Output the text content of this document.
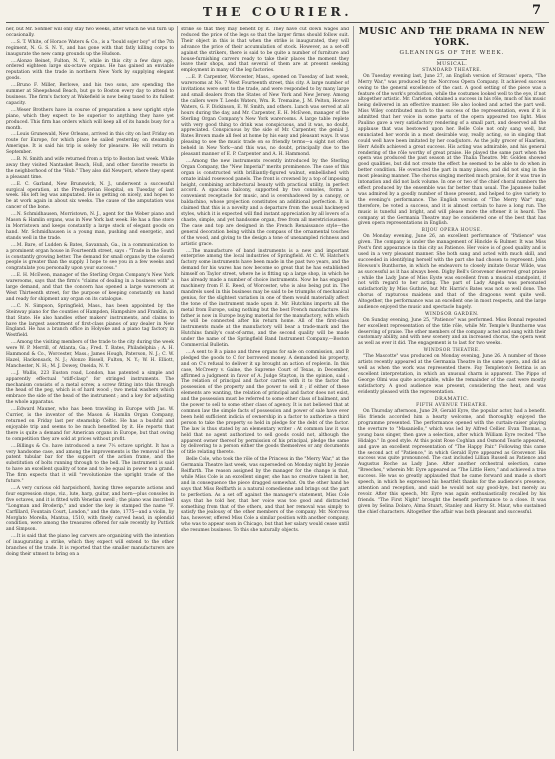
THE COURIER.	7

ner, but Mr. Sohmer will only stay two weeks, after which he will turn up occasionally.

....S. T. White, of Horace Waters & Co., is a "bould sojer boy" of the 7th regiment, N. G. S. N. Y., and has gone with that fatly killing corps to inaugurate the new camp grounds up the Hudson.

....Alonzo Beinet, Fulton, N. Y., while in this city a few days ago, ordered eighteen large six-octave organs. He has gained an enviable reputation with the trade in northern New York by supplying elegant goods.

....Bruno F. Miller, Berlowe, and his two sons, are spending the summer at Sheepshead Beach, but go to Boston every day to attend to business. The firm's factory at Wakefield is now being taxed to its fullest capacity.

....Weser Brothers have in course of preparation a new upright style piano, which they expect to be superior to anything they have yet produced. This firm has orders which will keep all of its hands busy for a month.

....Louis Grunewald, New Orleans, arrived in this city on last Friday en route for Europe, for which place he sailed yesterday, on steamship Amerique. It is said his trip is solely for pleasure. He will return in September.

....B. N. Smith and wife returned from a trip to Boston last week. While away they visited Nantasket Beach, Hull, and other favorite resorts in the neighborhood of the "Hub." They also did Newport, where they spent a pleasant time.

....E. C. Garland, New Brunswick, N. J., underwent a successful surgical operation, at the Presbyterian Hospital, on Tuesday of last week. His left leg was amputated. He is getting on nicely, and hopes to be at work again in about six weeks. The cause of the amputation was cancer of the bone.

....N. Schmidhausen, Morristown, N. J., agent for the Weber piano and Mason & Hamlin organs, was in New York last week. He has a fine store in Morristown and keeps constantly a large stock of elegant goods on hand. Mr. Schmidhausen is a young man, pushing and energetic, and stands well in the trade.

....M. Bare, of Ludden & Bates, Savannah, Ga., in a communication to a prominent organ house in Fourteenth street, says : "Trade in the South is constantly growing better. The demand for small organs by the colored people is greater than the supply. I hope to see you in a few weeks and congratulate you personally upon your success."

....E. H. McEwen, manager of the Sterling Organ Company's New York warerooms, says that the firm's "claims of dealing in a business with" a large demand, and that the concern has opened a large wareroom at West Thirteenth street, for the purpose of keeping constantly on hand and ready for shipment any organ on its catalogue.

....C. N. Simpson, Springfield, Mass., has been appointed by the Steinway piano for the counties of Hampden, Hampshire and Franklin, in that State. He also handles other makers' instruments, and claims to have the largest assortment of first-class pianos of any dealer in New England. He has a branch office in Holyoke and a piano tag factory in Westfield.

....Among the visiting members of the trade to the city during the week were W. P. Merrill, of Atlanta, Ga.; Fred. T. Bates, Philadelphia ; A. H. Hammond & Co., Worcester, Mass.; James Hough, Paterson, N. J.; C. W. Hazel, Hackensack, N. J.; Alonzo Bissell, Fulton, N. Y.; W. H. Elliott, Manchester, N. H.; M. J. Dowey, Oneida, N. Y.

....J. Wallis, 223 Euston road, London, has patented a simple and apparently effectual "stiff-clasp" for stringed instruments. The mechanism consists of a metal screw, a screw fitting into this through the head of the peg, which is of hard wood ; two metal washers which embrace the side of the head of the instrument ; and a key for adjusting the whole apparatus.

....Edward Mauner, who has been traveling in Europe with Jas. W. Currier, is the inventor of the Mason & Hamlin Organ Company, returned on Friday last per steamship Celtic. He has a bushful and enjoyable trip and seems to be much benefited by it. He reports that there is quite a demand for American organs in Europe, but that owing to competition they are sold at prices without profit.

....Billings & Co. have introduced a new 7⅓ octave upright. It has a very handsome case, and among the improvements is the removal of the patent tubular bar for the support of the action frame, and the substitution of bolts running through to the bell. The instrument is said to have an excellent quality of tone and to be equal in power to a grand. The firm expects that it will "revolutionize the upright trade of the future."

....A very curious old harpsichord, having three separate actions and four expression stops, viz., lute, harp, guitar, and horn—plus consoles in five octaves, and it is fitted with Venetian swell ; the piano was inscribed "Longman and Broderip," and under the key is stamped the name "F. Carfillard, Fountain Court, London," and the date, 1775—and a violin, by Morglato Morella, Mantua, 1510, with finely carved head, in splendid condition, were among the treasures offered for sale recently by Puttick and Simpson.

....It is said that the piano leg carvers are organizing with the intention of inaugurating a strike, which they expect will extend to the other branches of the trade. It is reported that the smaller manufacturers are doing their utmost to bring on a

strike so that they may benefit by it. They have cut down wages and reduced the price of the legs so that the larger firms should follow suit. Their object in this is that when the strike is inaugurated, they will advance the price of their accumulation of stock. However, as a set-off against the strikers, there is said to be quite a number of furniture and house-furnishing carvers ready to take their places the moment they leave their shops, and that several of them are at present seeking employment in many of the leg factories.

....E. P. Carpenter, Worcester, Mass., opened on Tuesday of last week, warerooms at No. 7 West Fourteenth street, this city. A large number of invitations were sent to the trade, and were responded to by many large and small dealers from the States of New York and New Jersey. Among the callers were T. Leeds Waters, Wm. R. Tremaine, J. M. Pelton, Horace Waters, G. F. Dickinson, E. W. Smith, and others. Lunch was served at all hours during the day, and Mr. Carpenter, E. H. McEwen, manager of the Sterling Organ Company's New York warerooms. A large table replete with very good thing to drink was conspicuous, and it was, no doubt, appreciated. Conspicuous by the side of Mr. Carpenter, the genial J. Bates Brown made all feel at home by his easy and pleasant ways. It was pleasing to see the music trade on so friendly terms—a sight not often beheld in New York—and this was, no doubt, principally due to the pleasant manner of E. P. Carpenter and A. H. Hammond.

....Among the new instruments recently introduced by the Sterling Organ Company, the "New Imperial" merits prominence. The case of this organ is constructed with brilliantly-figured walnut, embellished with ornate inlaid rosewood panels. The front is crowned by a top of imposing height, combining architectural beauty with practical utility, in perfect accord. A spacious balcony, supported by two consoles, forms a convenient receptacle for music, and is overshadowed by a canopy, or baldachino, whose projection constitutes an additional perfection. It is claimed that this is a novelty and a departure from the usual hackneyed styles, which it is expected will find instant appreciation by all lovers of a chaste, simple, and yet handsome organ, free from all meretriciousness. The case and top are designed in the French Renaissance style—the general decoration being within the compass of the ornamental touches of the wood, and giving to the design a tone of unexampled richness and artistic grace.

....The manufacture of band instruments is a new and important enterprise among the local industries of Springfield. At C. W. Hatchet's factory some instruments have been made in the past two years, and the demand for his wares has now become so great that he has established himself on Taylor street, where he is fitting up a large shop, in which he has already made a number of choice instruments. Now he has engaged machinery from F. E. Reed, of Worcester, who is also being put in. The mandrels used in this business may be said to be triumphs of mechanical genius, for the slightest variation in one of them would materially affect the tone of the instrument made upon it. Mr. Hutchins imports all the metal from Europe, using nothing but the best French manufacture. His father is now in Europe buying material for the manufactory, with which he will be connected after his return home. All of the first-class instruments made at the manufactory will bear a trade-mark and the Hutchins family's coat-of-arms, and the second quality will be made under the name of the Springfield Band Instrument Company.—Boston Commercial Bulletin.

....A sent to B a piano and three organs for sale on commission, and B pledged the goods to C for borrowed money. A demanded his property, and on C's refusal to deliver it up brought an action of replevin. In this case, McCreery v. Gaine, the Supreme Court of Texas, in December, affirmed a judgment in favor of A. Judge Stayton, in the opinion, said : The relation of principal and factor carries with it to the factor the possession of the property and the power to sell it ; if either of these elements are wanting, the relation of principal and factor does not exist, and the possession must be referred to some other class of bailment, and the power to sell to some other class of agency. It is not believed that at common law the simple facts of possession and power of sale have ever been held sufficient indicia of ownership in a factor to authorize a third person to take the property so held in pledge for the debt of the factor. The law is thus stated by an elementary writer : At common law it was held that no agent authorized to sell goods could not, although the apparent owner thereof by permission of his principal, pledge the same by delivering to a person either the goods themselves or any documents of title relating thereto.

Belle Cole, who took the rôle of the Princess in the "Merry War," at the Germania Theatre last week, was superseded on Monday night by Jennie Reiffarth. The reason assigned by the manager for the change is that, while Miss Cole is an excellent singer, she has no creative talent in her, and in consequence the piece dragged somewhat. On the other hand he says that Miss Reiffarth is a natural comedienne and brings out the part to perfection. As a set off against the manager's statement, Miss Cole says that he told her, that her voice was too good and distracted something from that of the others, and that her removal was simply to satisfy the jealousy of the other members of the company. Mr. Norcross has, however, offered Miss Cole a similar position with another company, who was to appear soon in Chicago, but that her salary would cease until she resumes business. To this she naturally objects.

MUSIC AND THE DRAMA IN NEW YORK.
GLEANINGS OF THE WEEK.
MUSICAL.
STANDARD THEATRE.

On Tuesday evening last, June 27, an English version of Strauss' opera, "The Merry War," was produced by the Norcross Opera Company. It achieved success owing to the general excellence of the cast. A good setting of the piece was a feature of the work's production, while the costumes looked well to the eye, if not altogether artistic. Mr. Carleton obtained a success in his rôle, much of his music being delivered in an effective manner. He also looked and acted the part well. Miss Wiley contributed much to the success of the representation, even if it is admitted that her voice in some parts of the opera appeared too light. Miss Paulino gave a very satisfactory rendering of a small part, and deserved all the applause that was bestowed upon her. Belle Cole not only sang well, but enunciated her words in a most desirable way, really acting, so in singing that could well have been imitated by her coadjutors. As the jolly grocer of Haarlem, Herr Adolfs achieved a great success. His acting was admirable, and his general rendering of the rôle worthy of great praise. He played the same part when the opera was produced the past season at the Thalia Theatre. Mr. Golden showed good qualities, but did not create the effect he seemed to be able to do when in better condition. He overacted the part in many places, and did not sing in the most pleasing manner. The chorus singing merited much praise, for it was true in intonation and did not lack volume. In one or two of the chief choral numbers the effect produced by the ensemble was far better than usual. The Japanese ballet was admired by a goodly number of those present, and helped to give variety to the evening's performance. The English version of "The Merry War" may, therefore, be voted a success, and it is almost certain to have a long run. The music is tuneful and bright, and will please more the oftener it is heard. The company at the Germania Theatre may be considered one of the best that has given opera representations in English.

BIJOU OPERA HOUSE.

On Monday evening, June 26, an excellent performance of "Patience" was given. The company is under the management of Hinckle & Bulmer. It was Miss Post's first appearance in this city as Patience. Her voice is of good quality and is used in a very pleasant manner. She both sang and acted with much skill, and succeeded in identifying herself with the part she had chosen to represent. John Howson's Bunthorne, in which he endeavors to closely imitate Oscar Wilde, was as successful as it has always been. Digby Bell's Grosvenor deserved great praise ; while the Lady Jane of Miss Eyste was excellent from a musical standpoint, if not with regard to her acting. The part of Lady Angela was personated satisfactorily by Miss Guthrie, but Mr. Harris's Bates was not so well done. The chorus of rapturous maidens and that of the dragoons went quite well. Altogether, the performance was an excellent one in most respects, and the large audience enjoyed the music and spectacle hugely.

WINDSOR GARDEN.

On Sunday evening, June 25, "Patience" was performed. Miss Bonnal repeated her excellent representation of the title rôle, while Mr. Temple's Bunthorne was deserving of praise. The other members of the company acted and sang with their customary ability, and with new scenery and an increased chorus, the opera went as well as ever it did. The engagement is to last for two weeks.

WINDSOR THEATRE.

"The Mascotte" was produced on Monday evening, June 26. A number of those artists recently appeared at the Germania Theatre in the same opera, and did as well as when the work was represented there. Fay Templeton's Bettina is an excellent interpretation, in which an unusual charm is apparent. The Pippo of George Olmi was quite acceptable, while the remainder of the cast were mostly satisfactory. A good audience was present, considering the heat, and was evidently pleased with the representation.

DRAMATIC.
FIFTH AVENUE THEATRE.

On Thursday afternoon, June 29, Gerald Eyre, the popular actor, had a benefit. His friends accorded him a hearty welcome, and thoroughly enjoyed the programme presented. The performance opened with the curtain-raiser playing the overture to "Masaniello," which was led by Alfred Cellier. Evan Thomas, a young bass singer, then gave a selection, after which William Eyre recited "The Hidalgo." In good style. At this point Rose Coghlan and Osmond Tearle appeared, and gave an excellent representation of "The Happy Pair." Following this came the second act of "Patience," in which Gerald Eyre appeared as Grosvenor. His success was quite pronounced. The cast included Lillian Russell as Patience and Augustus Roche as Lady Jane. After another orchestral selection, came "Breeches," wherein Mr. Eyre appeared as "The Little Hero," and achieved a true success. He was so greatly applauded that he came forward and made a short speech, in which he expressed his heartfelt thanks for the audience's presence, attention and reception, and said he would not say good-bye, but merely au revoir. After this speech, Mr. Eyre was again enthusiastically recalled by his friends. "The First Night" brought the benefit performance to a close. It was given by Selina Dolaro, Alma Stuart, Stanley and Harry St. Maur, who sustained the chief characters. Altogether the affair was both pleasant and successful.
